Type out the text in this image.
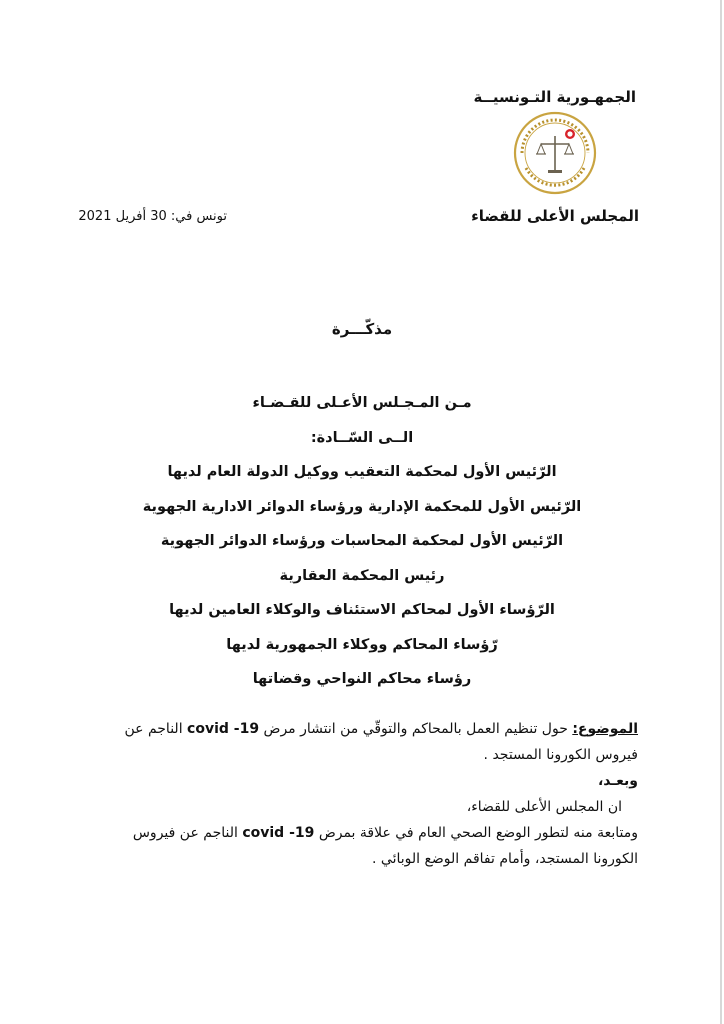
الجمهـورية التـونسيــة
المجلس الأعلى للقضاء
تونس في: 30 أفريل 2021
مذكّـــرة
مـن المـجـلس الأعـلى للقـضـاء
الــى السّــادة:
الرّئيس الأول لمحكمة التعقيب ووكيل الدولة العام لديها
الرّئيس الأول للمحكمة الإدارية ورؤساء الدوائر الادارية الجهوية
الرّئيس الأول لمحكمة المحاسبات ورؤساء الدوائر الجهوية
رئيس المحكمة العقارية
الرّؤساء الأول لمحاكم الاستئناف والوكلاء العامين لديها
رّؤساء المحاكم ووكلاء الجمهورية لديها
رؤساء محاكم النواحي وقضاتها

الموضوع: حول تنظيم العمل بالمحاكم والتوقّي من انتشار مرض covid -19 الناجم عن فيروس الكورونا المستجد .

وبعـد،

ان المجلس الأعلى للقضاء،

ومتابعة منه لتطور الوضع الصحي العام في علاقة بمرض covid -19 الناجم عن فيروس الكورونا المستجد، وأمام تفاقم الوضع الوبائي .
